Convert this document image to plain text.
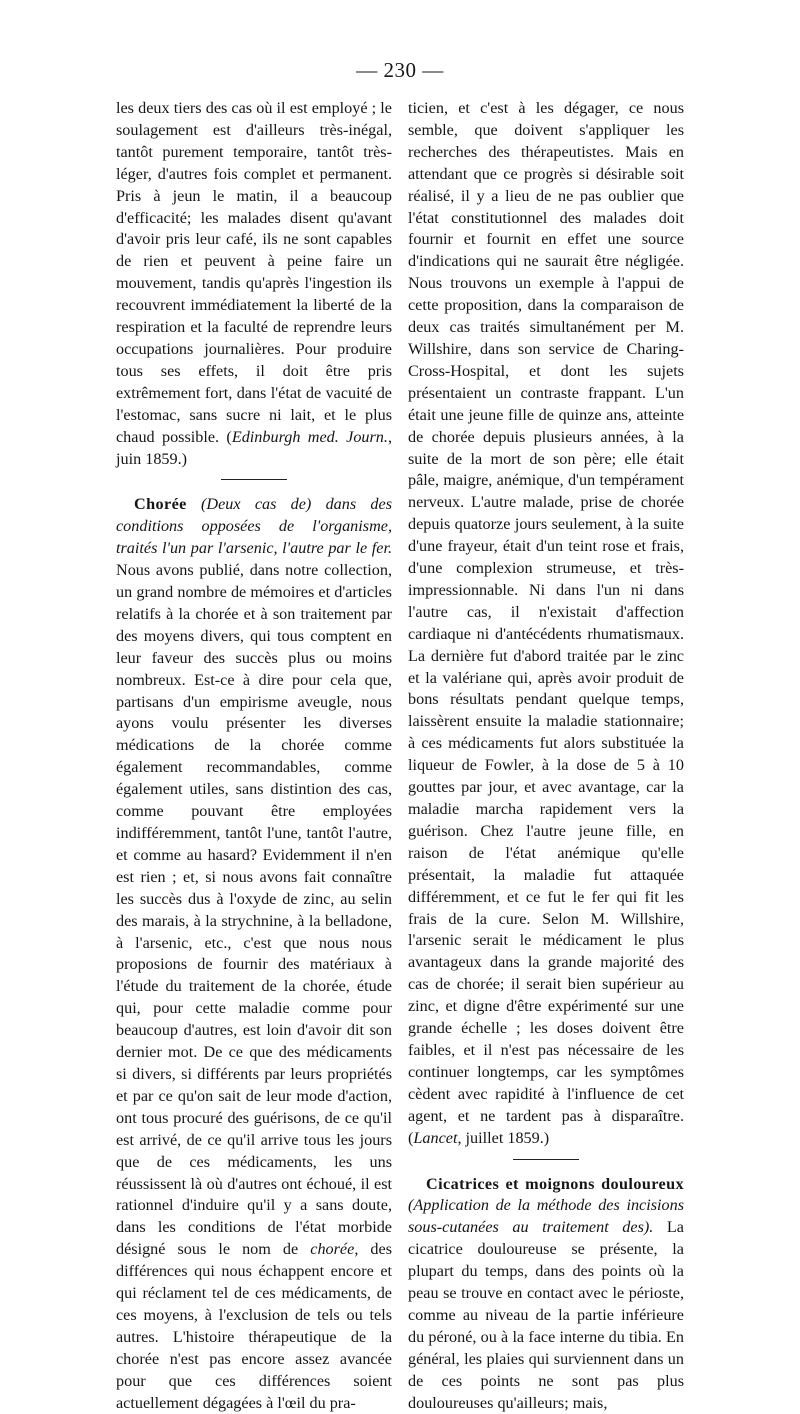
— 230 —

les deux tiers des cas où il est employé ; le soulagement est d'ailleurs très-inégal, tantôt purement temporaire, tantôt très-léger, d'autres fois complet et permanent. Pris à jeun le matin, il a beaucoup d'efficacité; les malades disent qu'avant d'avoir pris leur café, ils ne sont capables de rien et peuvent à peine faire un mouvement, tandis qu'après l'ingestion ils recouvrent immédiatement la liberté de la respiration et la faculté de reprendre leurs occupations journalières. Pour produire tous ses effets, il doit être pris extrêmement fort, dans l'état de vacuité de l'estomac, sans sucre ni lait, et le plus chaud possible. (Edinburgh med. Journ., juin 1859.)

Chorée (Deux cas de) dans des conditions opposées de l'organisme, traités l'un par l'arsenic, l'autre par le fer. Nous avons publié, dans notre collection, un grand nombre de mémoires et d'articles relatifs à la chorée et à son traitement par des moyens divers, qui tous comptent en leur faveur des succès plus ou moins nombreux. Est-ce à dire pour cela que, partisans d'un empirisme aveugle, nous ayons voulu présenter les diverses médications de la chorée comme également recommandables, comme également utiles, sans distintion des cas, comme pouvant être employées indifféremment, tantôt l'une, tantôt l'autre, et comme au hasard? Evidemment il n'en est rien ; et, si nous avons fait connaître les succès dus à l'oxyde de zinc, au selin des marais, à la strychnine, à la belladone, à l'arsenic, etc., c'est que nous nous proposions de fournir des matériaux à l'étude du traitement de la chorée, étude qui, pour cette maladie comme pour beaucoup d'autres, est loin d'avoir dit son dernier mot. De ce que des médicaments si divers, si différents par leurs propriétés et par ce qu'on sait de leur mode d'action, ont tous procuré des guérisons, de ce qu'il est arrivé, de ce qu'il arrive tous les jours que de ces médicaments, les uns réussissent là où d'autres ont échoué, il est rationnel d'induire qu'il y a sans doute, dans les conditions de l'état morbide désigné sous le nom de chorée, des différences qui nous échappent encore et qui réclament tel de ces médicaments, de ces moyens, à l'exclusion de tels ou tels autres. L'histoire thérapeutique de la chorée n'est pas encore assez avancée pour que ces différences soient actuellement dégagées à l'œil du pra-

ticien, et c'est à les dégager, ce nous semble, que doivent s'appliquer les recherches des thérapeutistes. Mais en attendant que ce progrès si désirable soit réalisé, il y a lieu de ne pas oublier que l'état constitutionnel des malades doit fournir et fournit en effet une source d'indications qui ne saurait être négligée. Nous trouvons un exemple à l'appui de cette proposition, dans la comparaison de deux cas traités simultanément per M. Willshire, dans son service de Charing-Cross-Hospital, et dont les sujets présentaient un contraste frappant. L'un était une jeune fille de quinze ans, atteinte de chorée depuis plusieurs années, à la suite de la mort de son père; elle était pâle, maigre, anémique, d'un tempérament nerveux. L'autre malade, prise de chorée depuis quatorze jours seulement, à la suite d'une frayeur, était d'un teint rose et frais, d'une complexion strumeuse, et très-impressionnable. Ni dans l'un ni dans l'autre cas, il n'existait d'affection cardiaque ni d'antécédents rhumatismaux. La dernière fut d'abord traitée par le zinc et la valériane qui, après avoir produit de bons résultats pendant quelque temps, laissèrent ensuite la maladie stationnaire; à ces médicaments fut alors substituée la liqueur de Fowler, à la dose de 5 à 10 gouttes par jour, et avec avantage, car la maladie marcha rapidement vers la guérison. Chez l'autre jeune fille, en raison de l'état anémique qu'elle présentait, la maladie fut attaquée différemment, et ce fut le fer qui fit les frais de la cure. Selon M. Willshire, l'arsenic serait le médicament le plus avantageux dans la grande majorité des cas de chorée; il serait bien supérieur au zinc, et digne d'être expérimenté sur une grande échelle ; les doses doivent être faibles, et il n'est pas nécessaire de les continuer longtemps, car les symptômes cèdent avec rapidité à l'influence de cet agent, et ne tardent pas à disparaître. (Lancet, juillet 1859.)

Cicatrices et moignons douloureux (Application de la méthode des incisions sous-cutanées au traitement des). La cicatrice douloureuse se présente, la plupart du temps, dans des points où la peau se trouve en contact avec le périoste, comme au niveau de la partie inférieure du péroné, ou à la face interne du tibia. En général, les plaies qui surviennent dans un de ces points ne sont pas plus douloureuses qu'ailleurs; mais,
